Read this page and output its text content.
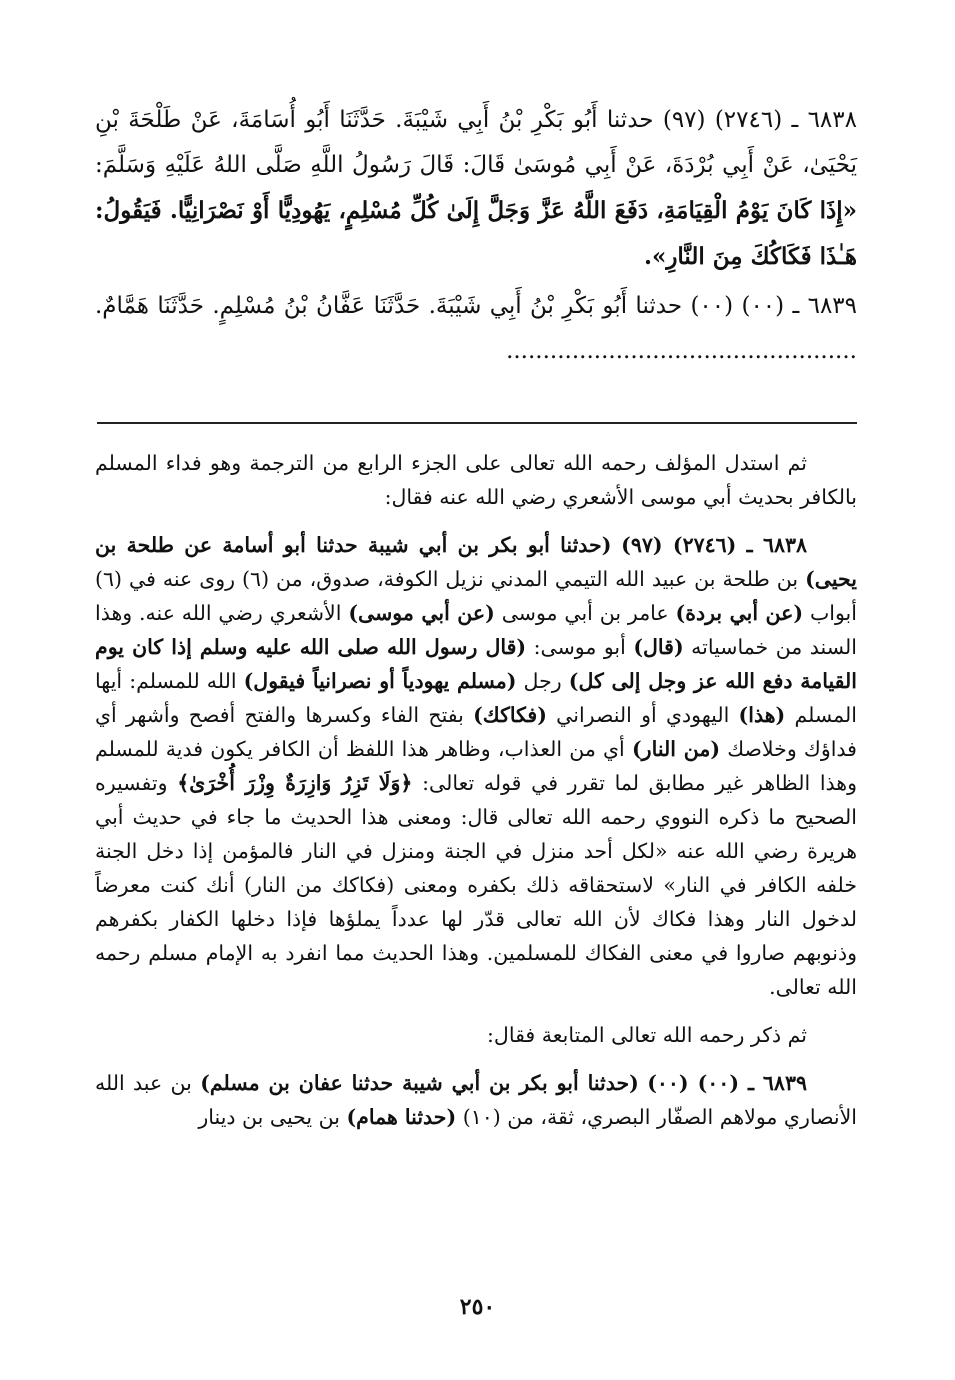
٦٨٣٨ ـ (٢٧٤٦) (٩٧) حدثنا أَبُو بَكْرِ بْنُ أَبِي شَيْبَةَ. حَدَّثَنَا أَبُو أُسَامَةَ، عَنْ طَلْحَةَ بْنِ يَحْيَىٰ، عَنْ أَبِي بُرْدَةَ، عَنْ أَبِي مُوسَىٰ قَالَ: قَالَ رَسُولُ اللَّهِ صَلَّى اللهُ عَلَيْهِ وَسَلَّمَ: «إِذَا كَانَ يَوْمُ الْقِيَامَةِ، دَفَعَ اللَّهُ عَزَّ وَجَلَّ إِلَىٰ كُلِّ مُسْلِمٍ، يَهُودِيًّا أَوْ نَصْرَانِيًّا. فَيَقُولُ: هَـٰذَا فَكَاكُكَ مِنَ النَّارِ».

٦٨٣٩ ـ (٠٠) (٠٠) حدثنا أَبُو بَكْرِ بْنُ أَبِي شَيْبَةَ. حَدَّثَنَا عَفَّانُ بْنُ مُسْلِمٍ. حَدَّثَنَا هَمَّامٌ. ................................................

ثم استدل المؤلف رحمه الله تعالى على الجزء الرابع من الترجمة وهو فداء المسلم بالكافر بحديث أبي موسى الأشعري رضي الله عنه فقال:

٦٨٣٨ ـ (٢٧٤٦) (٩٧) (حدثنا أبو بكر بن أبي شيبة حدثنا أبو أسامة عن طلحة بن يحيى) بن طلحة بن عبيد الله التيمي المدني نزيل الكوفة، صدوق، من (٦) روى عنه في (٦) أبواب (عن أبي بردة) عامر بن أبي موسى (عن أبي موسى) الأشعري رضي الله عنه. وهذا السند من خماسياته (قال) أبو موسى: (قال رسول الله صلى الله عليه وسلم إذا كان يوم القيامة دفع الله عز وجل إلى كل) رجل (مسلم يهودياً أو نصرانياً فيقول) الله للمسلم: أيها المسلم (هذا) اليهودي أو النصراني (فكاكك) بفتح الفاء وكسرها والفتح أفصح وأشهر أي فداؤك وخلاصك (من النار) أي من العذاب، وظاهر هذا اللفظ أن الكافر يكون فدية للمسلم وهذا الظاهر غير مطابق لما تقرر في قوله تعالى: ﴿وَلَا تَزِرُ وَازِرَةٌ وِزْرَ أُخْرَىٰ﴾ وتفسيره الصحيح ما ذكره النووي رحمه الله تعالى قال: ومعنى هذا الحديث ما جاء في حديث أبي هريرة رضي الله عنه «لكل أحد منزل في الجنة ومنزل في النار فالمؤمن إذا دخل الجنة خلفه الكافر في النار» لاستحقاقه ذلك بكفره ومعنى (فكاكك من النار) أنك كنت معرضاً لدخول النار وهذا فكاك لأن الله تعالى قدّر لها عدداً يملؤها فإذا دخلها الكفار بكفرهم وذنوبهم صاروا في معنى الفكاك للمسلمين. وهذا الحديث مما انفرد به الإمام مسلم رحمه الله تعالى.

ثم ذكر رحمه الله تعالى المتابعة فقال:

٦٨٣٩ ـ (٠٠) (٠٠) (حدثنا أبو بكر بن أبي شيبة حدثنا عفان بن مسلم) بن عبد الله الأنصاري مولاهم الصفّار البصري، ثقة، من (١٠) (حدثنا همام) بن يحيى بن دينار

٢٥٠
